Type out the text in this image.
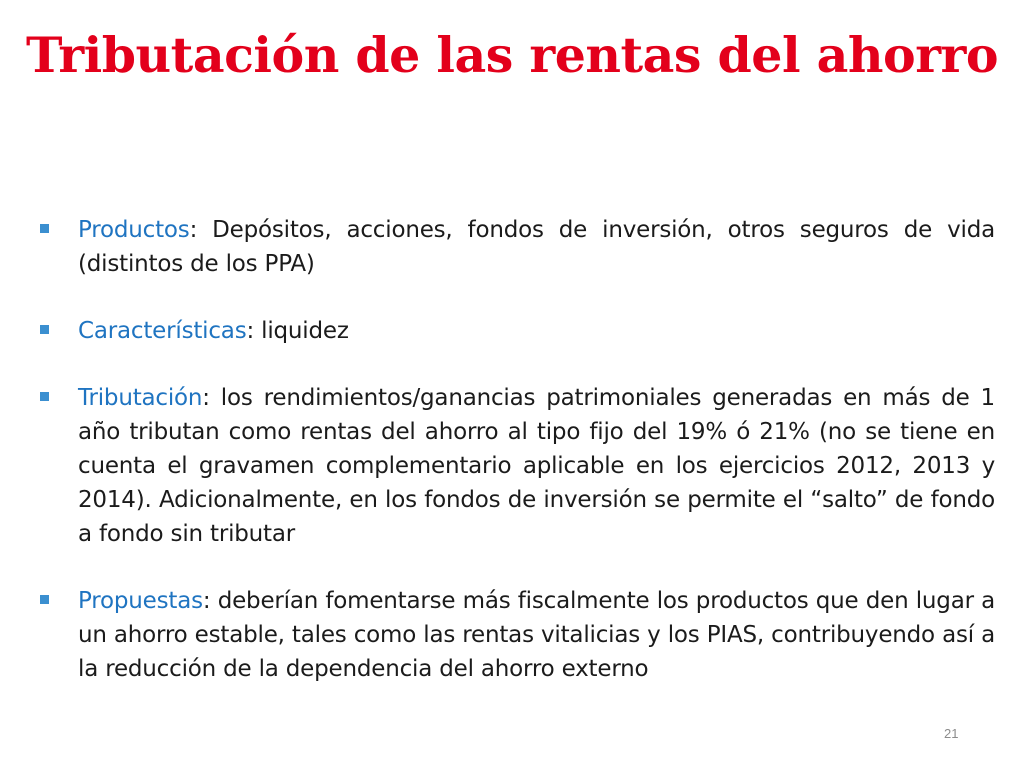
Tributación de las rentas del ahorro
Productos: Depósitos, acciones, fondos de inversión, otros seguros de vida (distintos de los PPA)
Características: liquidez
Tributación: los rendimientos/ganancias patrimoniales generadas en más de 1 año tributan como rentas del ahorro al tipo fijo del 19% ó 21% (no se tiene en cuenta el gravamen complementario aplicable en los ejercicios 2012, 2013 y 2014). Adicionalmente, en los fondos de inversión se permite el “salto” de fondo a fondo sin tributar
Propuestas: deberían fomentarse más fiscalmente los productos que den lugar a un ahorro estable, tales como las rentas vitalicias y los PIAS, contribuyendo así a la reducción de la dependencia del ahorro externo
21
